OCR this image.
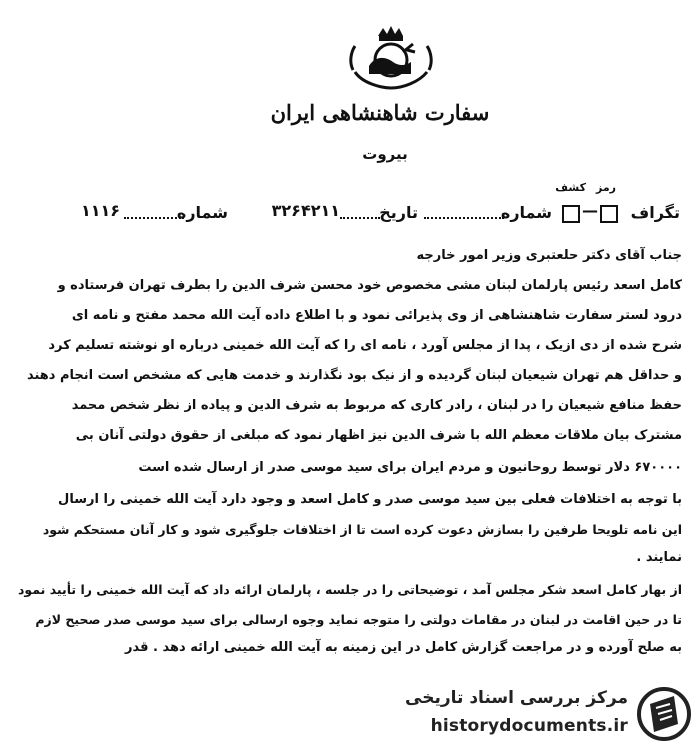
سفارت شاهنشاهی ایران
بیروت
تگراف
رمز
—
کشف
شماره
تاریخ
۳۲۶۴۲۱۱
شماره
۱۱۱۶
جناب آقای دکتر حلعتبری وزیر امور خارجه
کامل اسعد رئیس پارلمان لبنان مشی مخصوص خود محسن شرف الدین را بطرف تهران فرستاده و
درود لستر سفارت شاهنشاهی از وی پذیرائی نمود و با اطلاع داده آیت الله محمد مفتح و نامه ای
شرح شده از دی ازیک ، پدا از مجلس آورد ، نامه ای را که آیت الله خمینی درباره او نوشته تسلیم کرد
و حداقل هم تهران شیعیان لبنان گردیده و از نیک بود نگذارند و خدمت هایی که مشخص است انجام دهند
حفظ منافع شیعیان را در لبنان ، رادر کاری که مربوط به شرف الدین و پیاده از نظر شخص محمد
مشترک بیان ملاقات معظم الله با شرف الدین نیز اظهار نمود که مبلغی از حقوق دولتی آنان بی
۶۷۰۰۰۰ دلار توسط روحانیون و مردم ایران برای سید موسی صدر از ارسال شده است
با توجه به اختلافات فعلی بین سید موسی صدر و کامل اسعد و وجود دارد آیت الله خمینی را ارسال
این نامه تلویحا طرفین را بسازش دعوت کرده است تا از اختلافات جلوگیری شود و کار آنان مستحکم شود
نمایند .
از بهار کامل اسعد شکر مجلس آمد ، توضیحاتی را در جلسه ، پارلمان ارائه داد که آیت الله خمینی را تأیید نمود
تا در حین اقامت در لبنان در مقامات دولتی را متوجه نماید وجوه ارسالی برای سید موسی صدر صحیح لازم
به صلح آورده و در مراجعت گزارش کامل در این زمینه به آیت الله خمینی ارائه دهد . قدر
مرکز بررسی اسناد تاریخی
historydocuments.ir
